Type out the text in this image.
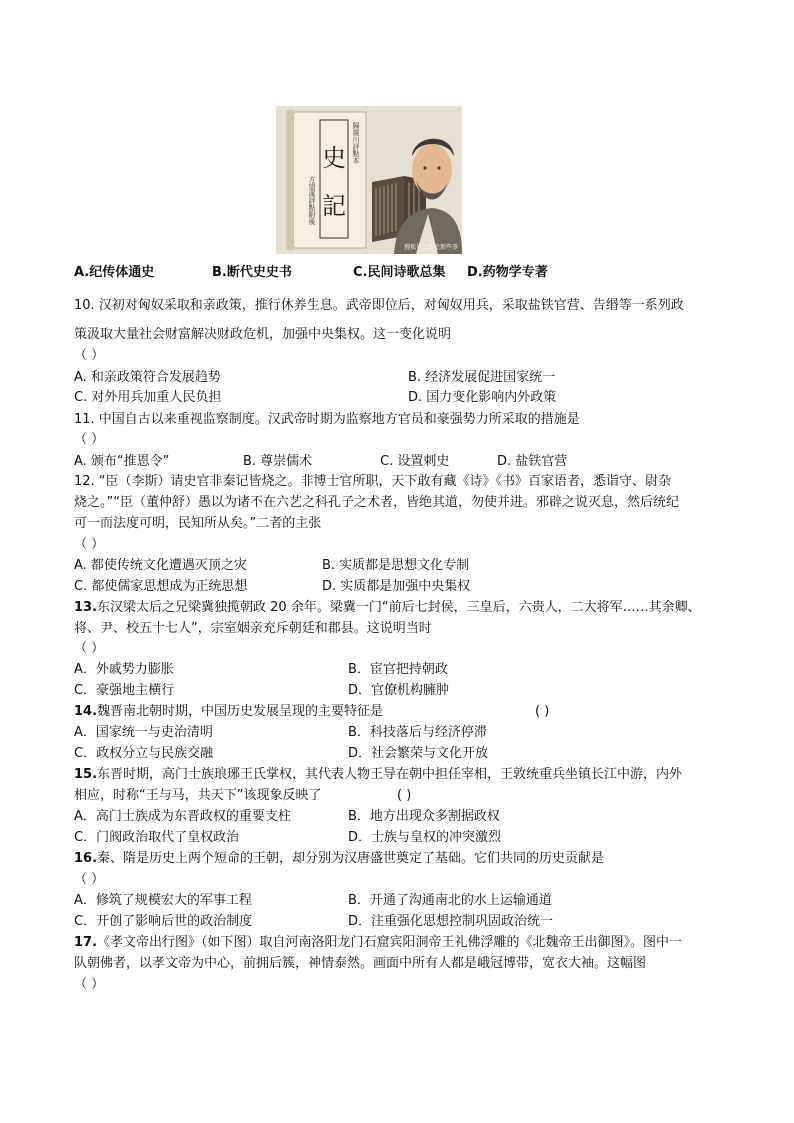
史
記
歸震川評點本
方望溪評點附後
搜狐号 / 历史那些事
A.纪传体通史	B.断代史史书	C.民间诗歌总集 D.药物学专著
10. 汉初对匈奴采取和亲政策，推行休养生息。武帝即位后，对匈奴用兵，采取盐铁官营、告缗等一系列政
策汲取大量社会财富解决财政危机，加强中央集权。这一变化说明
（ ）
A. 和亲政策符合发展趋势	B. 经济发展促进国家统一
C. 对外用兵加重人民负担	D. 国力变化影响内外政策
11. 中国自古以来重视监察制度。汉武帝时期为监察地方官员和豪强势力所采取的措施是
（ ）
A. 颁布“推恩令”	B. 尊崇儒术	C. 设置刺史	D. 盐铁官营
12. “臣（李斯）请史官非秦记皆烧之。非博士官所职，天下敢有藏《诗》《书》百家语者，悉诣守、尉杂
烧之。”“臣（董仲舒）愚以为诸不在六艺之科孔子之术者，皆绝其道，勿使并进。邪辟之说灭息，然后统纪
可一而法度可明，民知所从矣。”二者的主张
（ ）
A. 都使传统文化遭遇灭顶之灾	B. 实质都是思想文化专制
C. 都使儒家思想成为正统思想	D. 实质都是加强中央集权
13.东汉梁太后之兄梁冀独揽朝政 20 余年。梁冀一门“前后七封侯，三皇后，六贵人，二大将军……其余卿、
将、尹、校五十七人”，宗室姻亲充斥朝廷和郡县。这说明当时
（ ）
A．外戚势力膨胀	B．宦官把持朝政
C．豪强地主横行	D．官僚机构臃肿
14.魏晋南北朝时期，中国历史发展呈现的主要特征是	( )
A．国家统一与吏治清明	B．科技落后与经济停滞
C．政权分立与民族交融	D．社会繁荣与文化开放
15.东晋时期，高门士族琅琊王氏掌权，其代表人物王导在朝中担任宰相，王敦统重兵坐镇长江中游，内外
相应，时称“王与马，共天下”该现象反映了	( )
A．高门士族成为东晋政权的重要支柱	B．地方出现众多割据政权
C．门阀政治取代了皇权政治	D．士族与皇权的冲突激烈
16.秦、隋是历史上两个短命的王朝，却分别为汉唐盛世奠定了基础。它们共同的历史贡献是
（ ）
A．修筑了规模宏大的军事工程	B．开通了沟通南北的水上运输通道
C．开创了影响后世的政治制度	D．注重强化思想控制巩固政治统一
17.《孝文帝出行图》（如下图）取自河南洛阳龙门石窟宾阳洞帝王礼佛浮雕的《北魏帝王出御图》。图中一
队朝佛者，以孝文帝为中心，前拥后簇，神情泰然。画面中所有人都是峨冠博带，宽衣大袖。这幅图
（ ）
